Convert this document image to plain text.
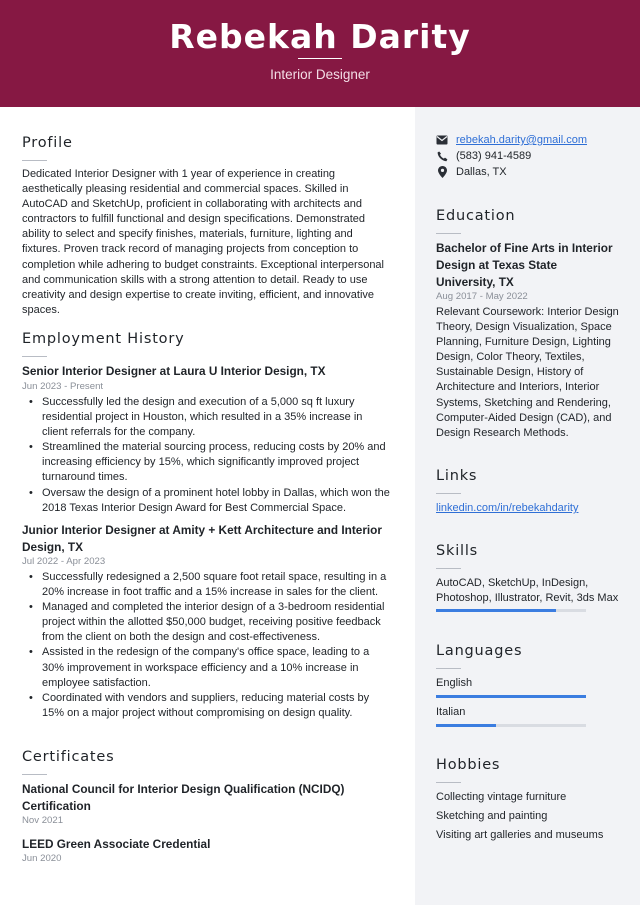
Rebekah Darity
Interior Designer
Profile
Dedicated Interior Designer with 1 year of experience in creating aesthetically pleasing residential and commercial spaces. Skilled in AutoCAD and SketchUp, proficient in collaborating with architects and contractors to fulfill functional and design specifications. Demonstrated ability to select and specify finishes, materials, furniture, lighting and fixtures. Proven track record of managing projects from conception to completion while adhering to budget constraints. Exceptional interpersonal and communication skills with a strong attention to detail. Ready to use creativity and design expertise to create inviting, efficient, and innovative spaces.
Employment History
Senior Interior Designer at Laura U Interior Design, TX
Jun 2023 - Present
• Successfully led the design and execution of a 5,000 sq ft luxury residential project in Houston, which resulted in a 35% increase in client referrals for the company.
• Streamlined the material sourcing process, reducing costs by 20% and increasing efficiency by 15%, which significantly improved project turnaround times.
• Oversaw the design of a prominent hotel lobby in Dallas, which won the 2018 Texas Interior Design Award for Best Commercial Space.
Junior Interior Designer at Amity + Kett Architecture and Interior Design, TX
Jul 2022 - Apr 2023
• Successfully redesigned a 2,500 square foot retail space, resulting in a 20% increase in foot traffic and a 15% increase in sales for the client.
• Managed and completed the interior design of a 3-bedroom residential project within the allotted $50,000 budget, receiving positive feedback from the client on both the design and cost-effectiveness.
• Assisted in the redesign of the company's office space, leading to a 30% improvement in workspace efficiency and a 10% increase in employee satisfaction.
• Coordinated with vendors and suppliers, reducing material costs by 15% on a major project without compromising on design quality.
Certificates
National Council for Interior Design Qualification (NCIDQ) Certification
Nov 2021
LEED Green Associate Credential
Jun 2020
rebekah.darity@gmail.com
(583) 941-4589
Dallas, TX
Education
Bachelor of Fine Arts in Interior Design at Texas State University, TX
Aug 2017 - May 2022
Relevant Coursework: Interior Design Theory, Design Visualization, Space Planning, Furniture Design, Lighting Design, Color Theory, Textiles, Sustainable Design, History of Architecture and Interiors, Interior Systems, Sketching and Rendering, Computer-Aided Design (CAD), and Design Research Methods.
Links
linkedin.com/in/rebekahdarity
Skills
AutoCAD, SketchUp, InDesign, Photoshop, Illustrator, Revit, 3ds Max
Languages
English
Italian
Hobbies
Collecting vintage furniture
Sketching and painting
Visiting art galleries and museums
